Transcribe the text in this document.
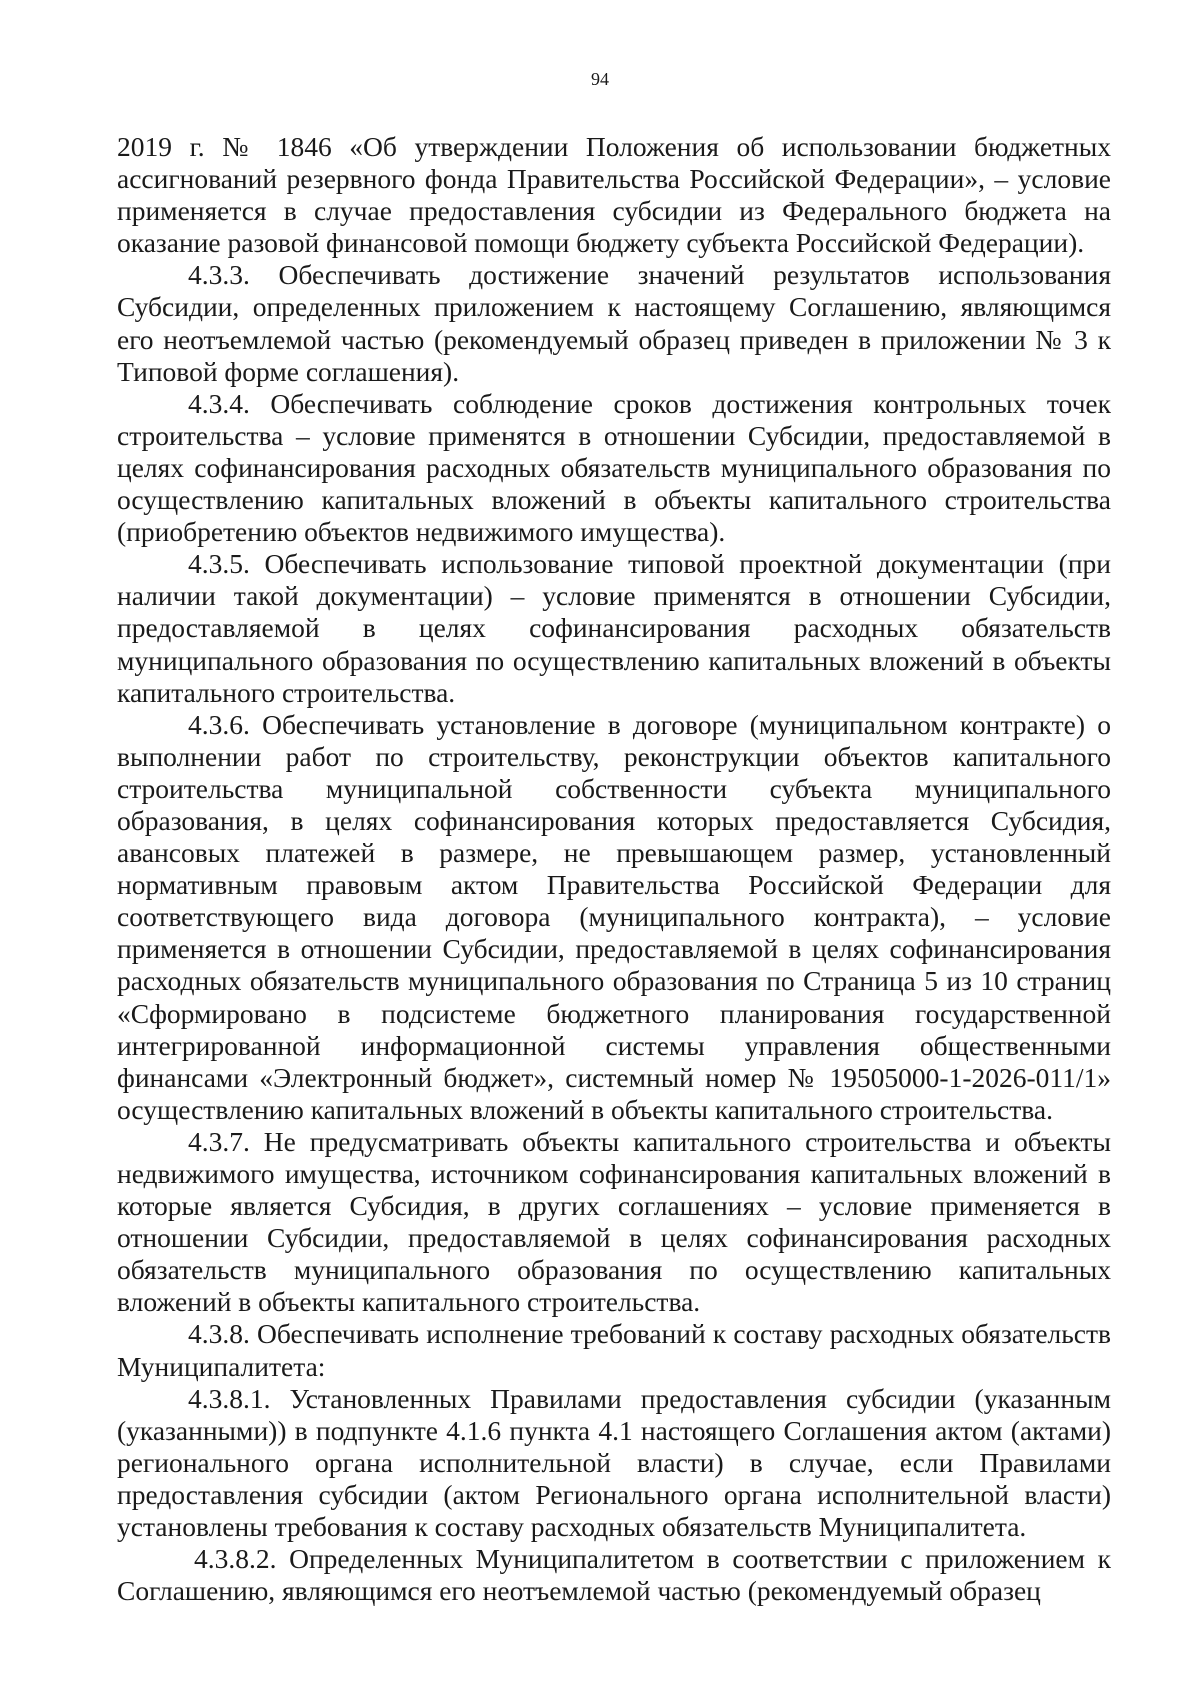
94

2019 г. № 1846 «Об утверждении Положения об использовании бюджетных ассигнований резервного фонда Правительства Российской Федерации», – условие применяется в случае предоставления субсидии из Федерального бюджета на оказание разовой финансовой помощи бюджету субъекта Российской Федерации).

4.3.3. Обеспечивать достижение значений результатов использования Субсидии, определенных приложением к настоящему Соглашению, являющимся его неотъемлемой частью (рекомендуемый образец приведен в приложении № 3 к Типовой форме соглашения).

4.3.4. Обеспечивать соблюдение сроков достижения контрольных точек строительства – условие применятся в отношении Субсидии, предоставляемой в целях софинансирования расходных обязательств муниципального образования по осуществлению капитальных вложений в объекты капитального строительства (приобретению объектов недвижимого имущества).

4.3.5. Обеспечивать использование типовой проектной документации (при наличии такой документации) – условие применятся в отношении Субсидии, предоставляемой в целях софинансирования расходных обязательств муниципального образования по осуществлению капитальных вложений в объекты капитального строительства.

4.3.6. Обеспечивать установление в договоре (муниципальном контракте) о выполнении работ по строительству, реконструкции объектов капитального строительства муниципальной собственности субъекта муниципального образования, в целях софинансирования которых предоставляется Субсидия, авансовых платежей в размере, не превышающем размер, установленный нормативным правовым актом Правительства Российской Федерации для соответствующего вида договора (муниципального контракта), – условие применяется в отношении Субсидии, предоставляемой в целях софинансирования расходных обязательств муниципального образования по Страница 5 из 10 страниц «Сформировано в подсистеме бюджетного планирования государственной интегрированной информационной системы управления общественными финансами «Электронный бюджет», системный номер № 19505000-1-2026-011/1» осуществлению капитальных вложений в объекты капитального строительства.

4.3.7. Не предусматривать объекты капитального строительства и объекты недвижимого имущества, источником софинансирования капитальных вложений в которые является Субсидия, в других соглашениях – условие применяется в отношении Субсидии, предоставляемой в целях софинансирования расходных обязательств муниципального образования по осуществлению капитальных вложений в объекты капитального строительства.

4.3.8. Обеспечивать исполнение требований к составу расходных обязательств Муниципалитета:

4.3.8.1. Установленных Правилами предоставления субсидии (указанным (указанными)) в подпункте 4.1.6 пункта 4.1 настоящего Соглашения актом (актами) регионального органа исполнительной власти) в случае, если Правилами предоставления субсидии (актом Регионального органа исполнительной власти) установлены требования к составу расходных обязательств Муниципалитета.

4.3.8.2. Определенных Муниципалитетом в соответствии с приложением к Соглашению, являющимся его неотъемлемой частью (рекомендуемый образец
